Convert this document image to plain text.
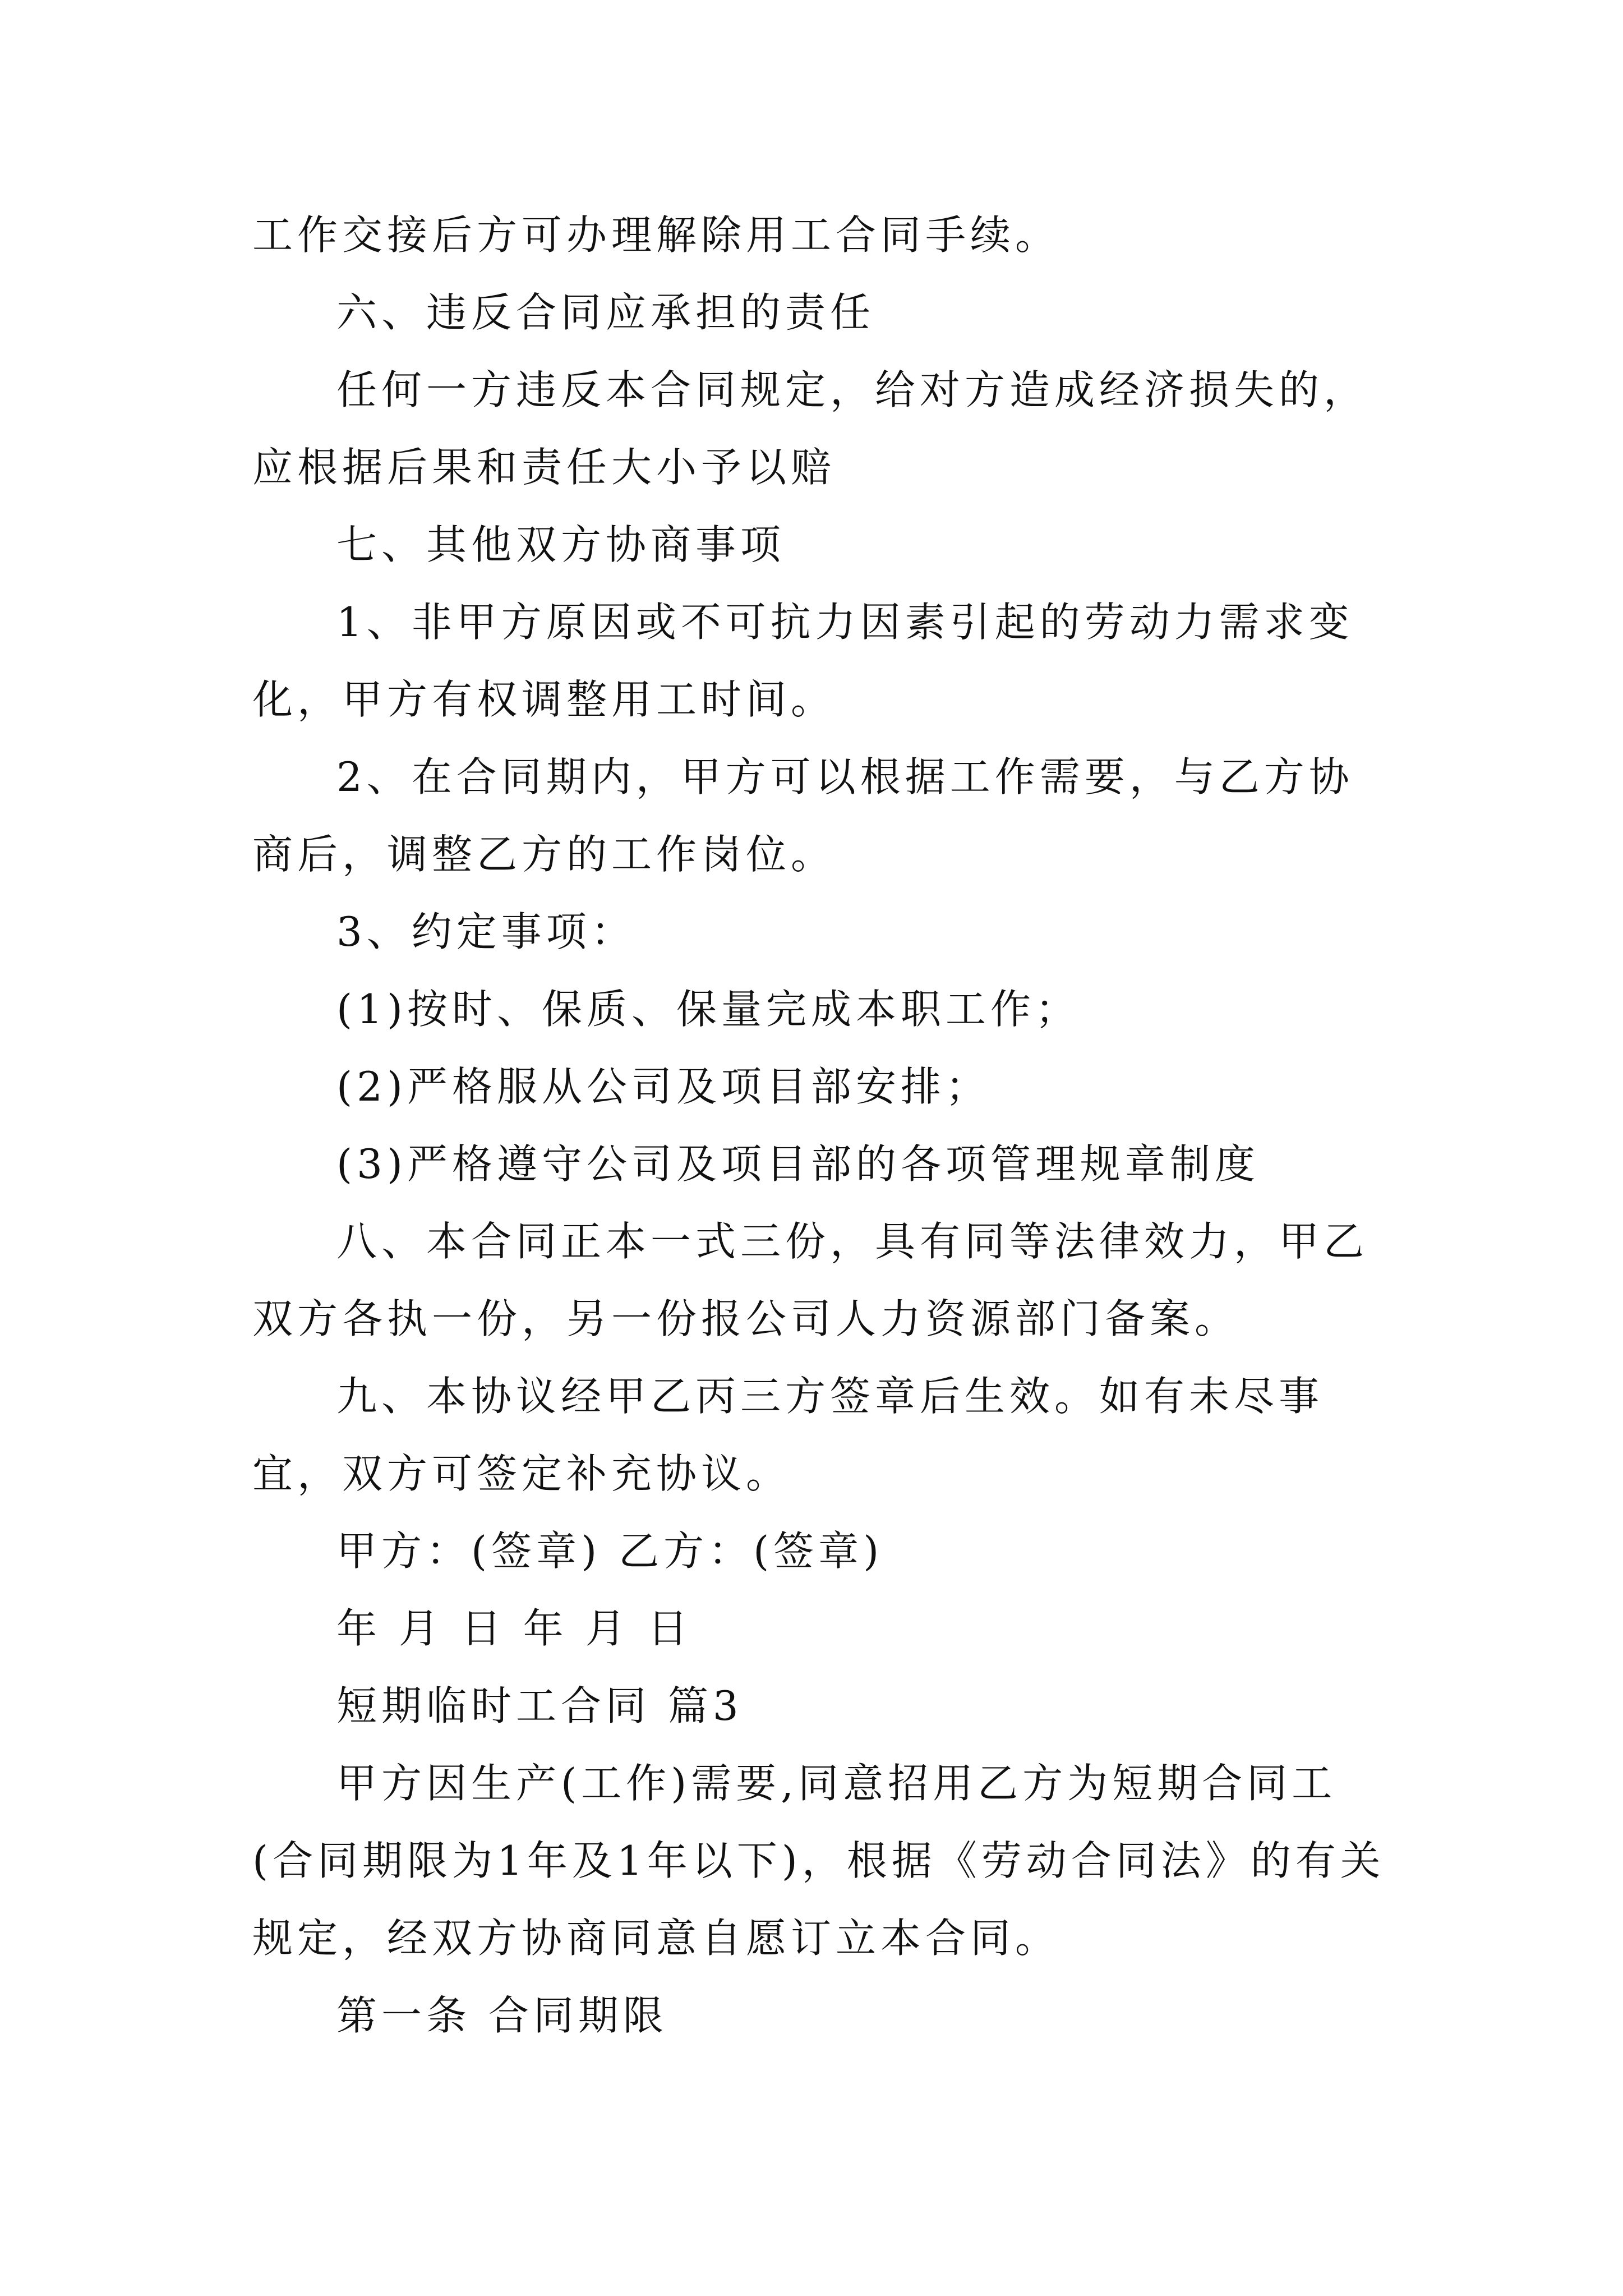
工作交接后方可办理解除用工合同手续。

六、违反合同应承担的责任

任何一方违反本合同规定，给对方造成经济损失的，应根据后果和责任大小予以赔

七、其他双方协商事项

1、非甲方原因或不可抗力因素引起的劳动力需求变化，甲方有权调整用工时间。

2、在合同期内，甲方可以根据工作需要，与乙方协商后，调整乙方的工作岗位。

3、约定事项：

(1)按时、保质、保量完成本职工作；

(2)严格服从公司及项目部安排；

(3)严格遵守公司及项目部的各项管理规章制度

八、本合同正本一式三份，具有同等法律效力，甲乙双方各执一份，另一份报公司人力资源部门备案。

九、本协议经甲乙丙三方签章后生效。如有未尽事宜，双方可签定补充协议。

甲方：(签章) 乙方：(签章)

年 月 日 年 月 日

短期临时工合同 篇3

甲方因生产(工作)需要,同意招用乙方为短期合同工(合同期限为1年及1年以下)，根据《劳动合同法》的有关规定，经双方协商同意自愿订立本合同。

第一条 合同期限
